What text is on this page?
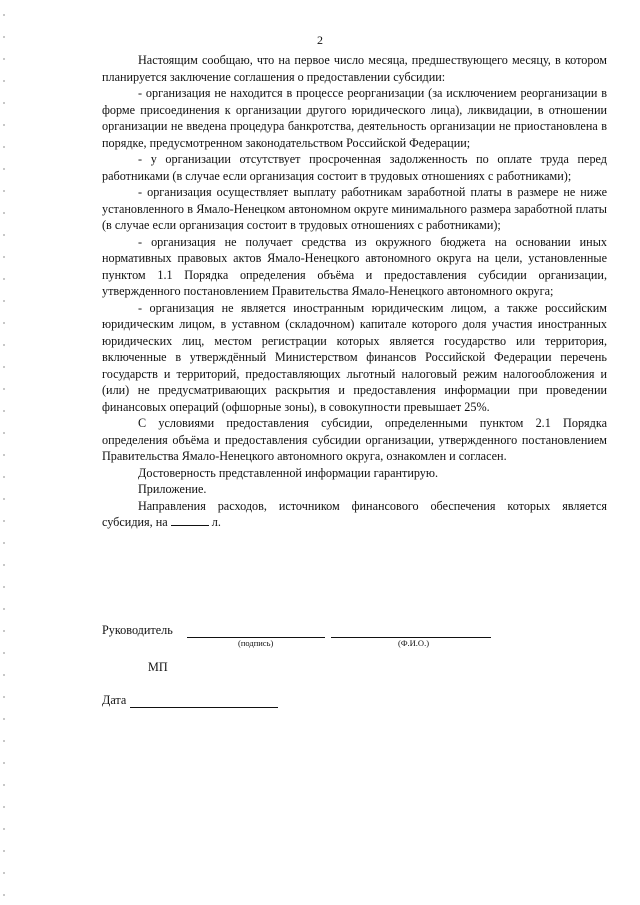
2

Настоящим сообщаю, что на первое число месяца, предшествующего месяцу, в котором планируется заключение соглашения о предоставлении субсидии:

- организация не находится в процессе реорганизации (за исключением реорганизации в форме присоединения к организации другого юридического лица), ликвидации, в отношении организации не введена процедура банкротства, деятельность организации не приостановлена в порядке, предусмотренном законодательством Российской Федерации;

- у организации отсутствует просроченная задолженность по оплате труда перед работниками (в случае если организация состоит в трудовых отношениях с работниками);

- организация осуществляет выплату работникам заработной платы в размере не ниже установленного в Ямало-Ненецком автономном округе минимального размера заработной платы (в случае если организация состоит в трудовых отношениях с работниками);

- организация не получает средства из окружного бюджета на основании иных нормативных правовых актов Ямало-Ненецкого автономного округа на цели, установленные пунктом 1.1 Порядка определения объёма и предоставления субсидии организации, утвержденного постановлением Правительства Ямало-Ненецкого автономного округа;

- организация не является иностранным юридическим лицом, а также российским юридическим лицом, в уставном (складочном) капитале которого доля участия иностранных юридических лиц, местом регистрации которых является государство или территория, включенные в утверждённый Министерством финансов Российской Федерации перечень государств и территорий, предоставляющих льготный налоговый режим налогообложения и (или) не предусматривающих раскрытия и предоставления информации при проведении финансовых операций (офшорные зоны), в совокупности превышает 25%.

С условиями предоставления субсидии, определенными пунктом 2.1 Порядка определения объёма и предоставления субсидии организации, утвержденного постановлением Правительства Ямало-Ненецкого автономного округа, ознакомлен и согласен.

Достоверность представленной информации гарантирую.

Приложение.

Направления расходов, источником финансового обеспечения которых является субсидия, на	л.

Руководитель
(подпись)	(Ф.И.О.)
МП
Дата
